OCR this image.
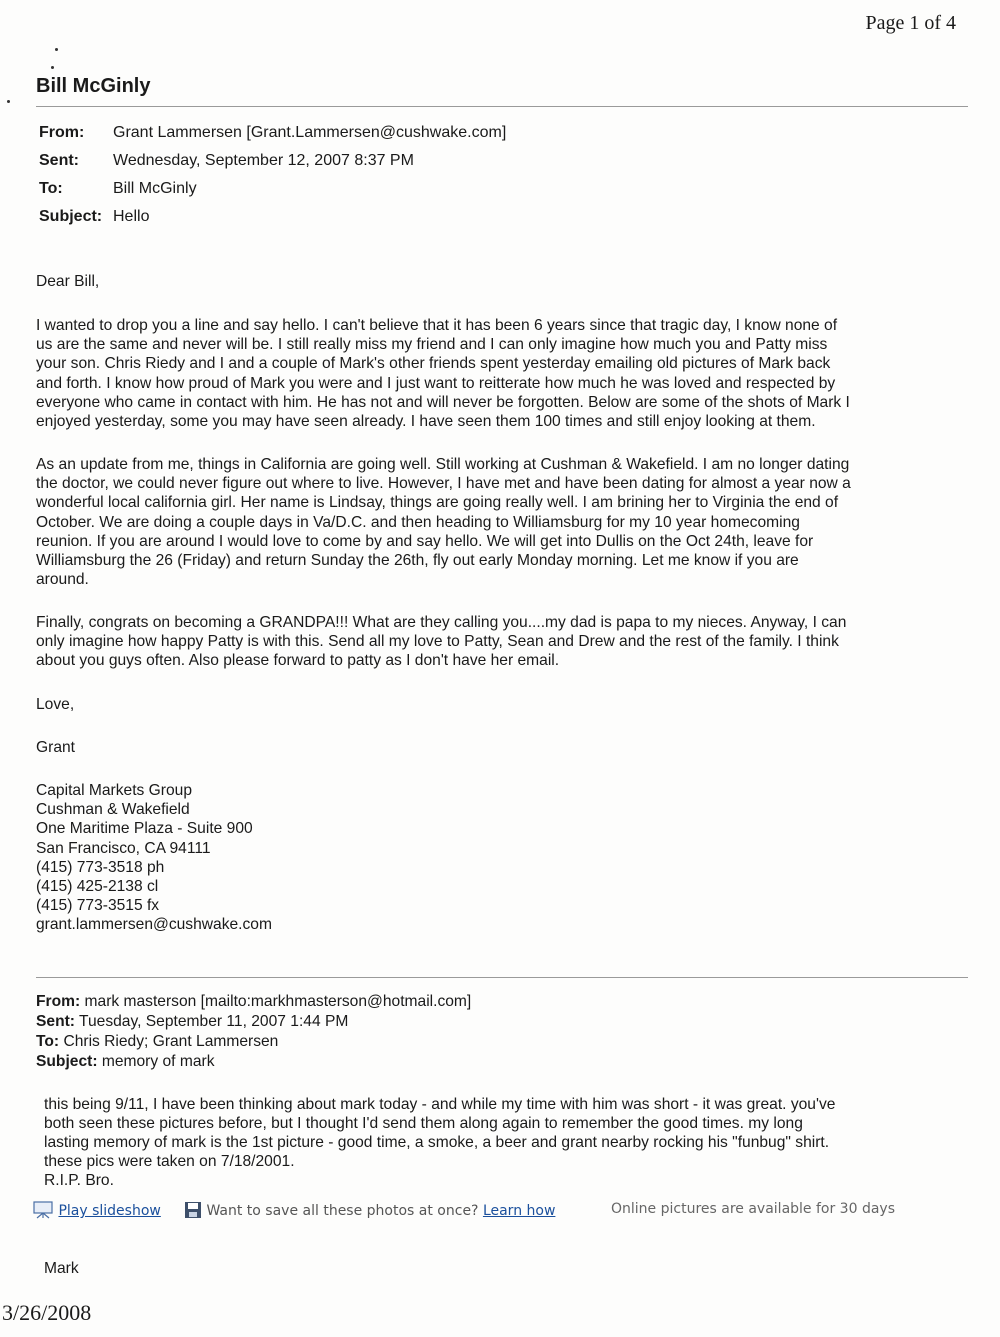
Page 1 of 4
Bill McGinly
From: Grant Lammersen [Grant.Lammersen@cushwake.com]
Sent: Wednesday, September 12, 2007 8:37 PM
To:	Bill McGinly
Subject: Hello
Dear Bill,
I wanted to drop you a line and say hello. I can't believe that it has been 6 years since that tragic day, I know none of
us are the same and never will be. I still really miss my friend and I can only imagine how much you and Patty miss
your son. Chris Riedy and I and a couple of Mark's other friends spent yesterday emailing old pictures of Mark back
and forth. I know how proud of Mark you were and I just want to reitterate how much he was loved and respected by
everyone who came in contact with him. He has not and will never be forgotten. Below are some of the shots of Mark I
enjoyed yesterday, some you may have seen already. I have seen them 100 times and still enjoy looking at them.
As an update from me, things in California are going well. Still working at Cushman & Wakefield. I am no longer dating
the doctor, we could never figure out where to live. However, I have met and have been dating for almost a year now a
wonderful local california girl. Her name is Lindsay, things are going really well. I am brining her to Virginia the end of
October. We are doing a couple days in Va/D.C. and then heading to Williamsburg for my 10 year homecoming
reunion. If you are around I would love to come by and say hello. We will get into Dullis on the Oct 24th, leave for
Williamsburg the 26 (Friday) and return Sunday the 26th, fly out early Monday morning. Let me know if you are
around.
Finally, congrats on becoming a GRANDPA!!! What are they calling you....my dad is papa to my nieces. Anyway, I can
only imagine how happy Patty is with this. Send all my love to Patty, Sean and Drew and the rest of the family. I think
about you guys often. Also please forward to patty as I don't have her email.
Love,
Grant
Capital Markets Group
Cushman & Wakefield
One Maritime Plaza - Suite 900
San Francisco, CA 94111
(415) 773-3518 ph
(415) 425-2138 cl
(415) 773-3515 fx
grant.lammersen@cushwake.com
From: mark masterson [mailto:markhmasterson@hotmail.com]
Sent: Tuesday, September 11, 2007 1:44 PM
To: Chris Riedy; Grant Lammersen
Subject: memory of mark
this being 9/11, I have been thinking about mark today - and while my time with him was short - it was great. you've
both seen these pictures before, but I thought I'd send them along again to remember the good times. my long
lasting memory of mark is the 1st picture - good time, a smoke, a beer and grant nearby rocking his "funbug" shirt.
these pics were taken on 7/18/2001.
R.I.P. Bro.
Play slideshow	Want to save all these photos at once? Learn how	Online pictures are available for 30 days
Mark
3/26/2008
